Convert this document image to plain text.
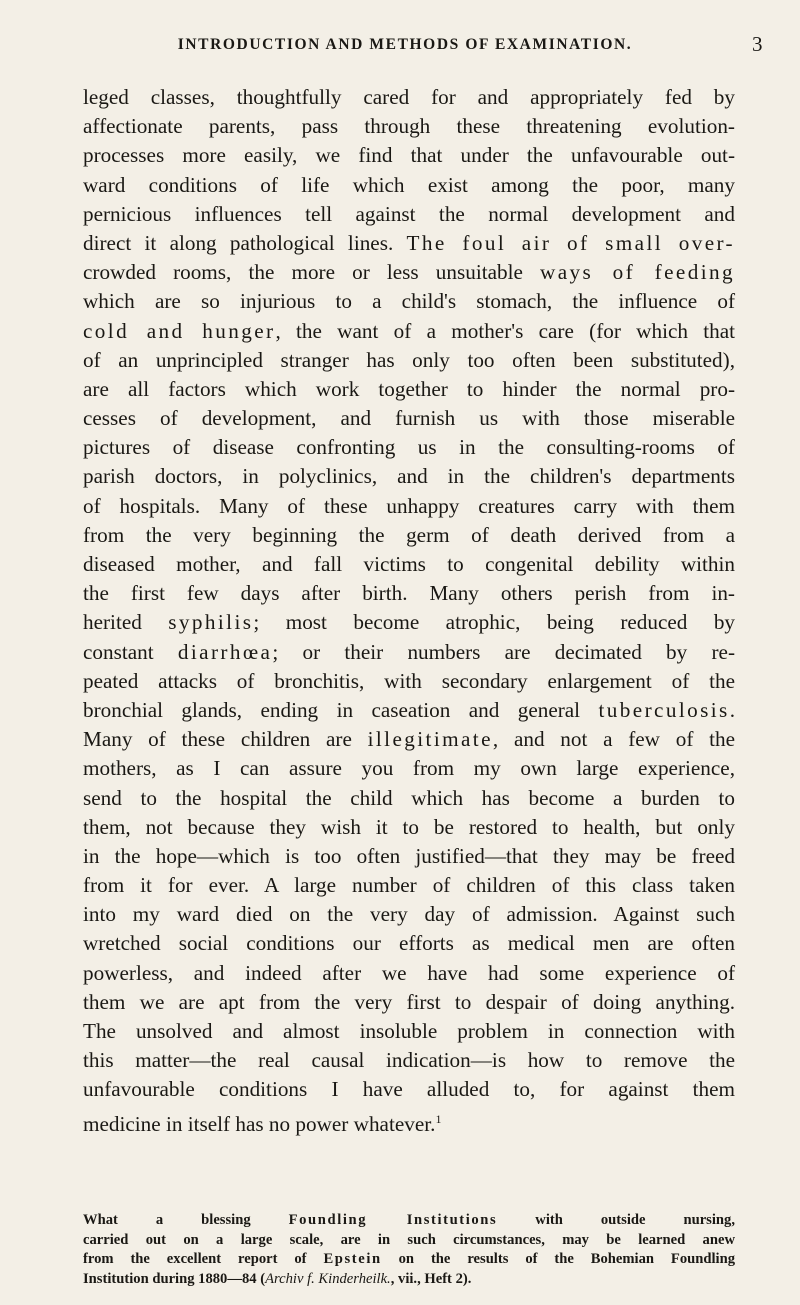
INTRODUCTION AND METHODS OF EXAMINATION.	3
leged classes, thoughtfully cared for and appropriately fed by
affectionate parents, pass through these threatening evolution-
processes more easily, we find that under the unfavourable out-
ward conditions of life which exist among the poor, many
pernicious influences tell against the normal development and
direct it along pathological lines. The foul air of small over-
crowded rooms, the more or less unsuitable ways of feeding
which are so injurious to a child's stomach, the influence of
cold and hunger, the want of a mother's care (for which that
of an unprincipled stranger has only too often been substituted),
are all factors which work together to hinder the normal pro-
cesses of development, and furnish us with those miserable
pictures of disease confronting us in the consulting-rooms of
parish doctors, in polyclinics, and in the children's departments
of hospitals. Many of these unhappy creatures carry with them
from the very beginning the germ of death derived from a
diseased mother, and fall victims to congenital debility within
the first few days after birth. Many others perish from in-
herited syphilis; most become atrophic, being reduced by
constant diarrhœa; or their numbers are decimated by re-
peated attacks of bronchitis, with secondary enlargement of the
bronchial glands, ending in caseation and general tuberculosis.
Many of these children are illegitimate, and not a few of the
mothers, as I can assure you from my own large experience,
send to the hospital the child which has become a burden to
them, not because they wish it to be restored to health, but only
in the hope—which is too often justified—that they may be freed
from it for ever. A large number of children of this class taken
into my ward died on the very day of admission. Against such
wretched social conditions our efforts as medical men are often
powerless, and indeed after we have had some experience of
them we are apt from the very first to despair of doing anything.
The unsolved and almost insoluble problem in connection with
this matter—the real causal indication—is how to remove the
unfavourable conditions I have alluded to, for against them
medicine in itself has no power whatever.$^1$
What a blessing	Foundling Institutions	with outside nursing,
carried out on a large scale, are in such circumstances, may be learned anew
from the excellent report of Epstein on the results of the Bohemian Foundling
Institution during 1880—84 (Archiv f. Kinderheilk., vii., Heft 2).
